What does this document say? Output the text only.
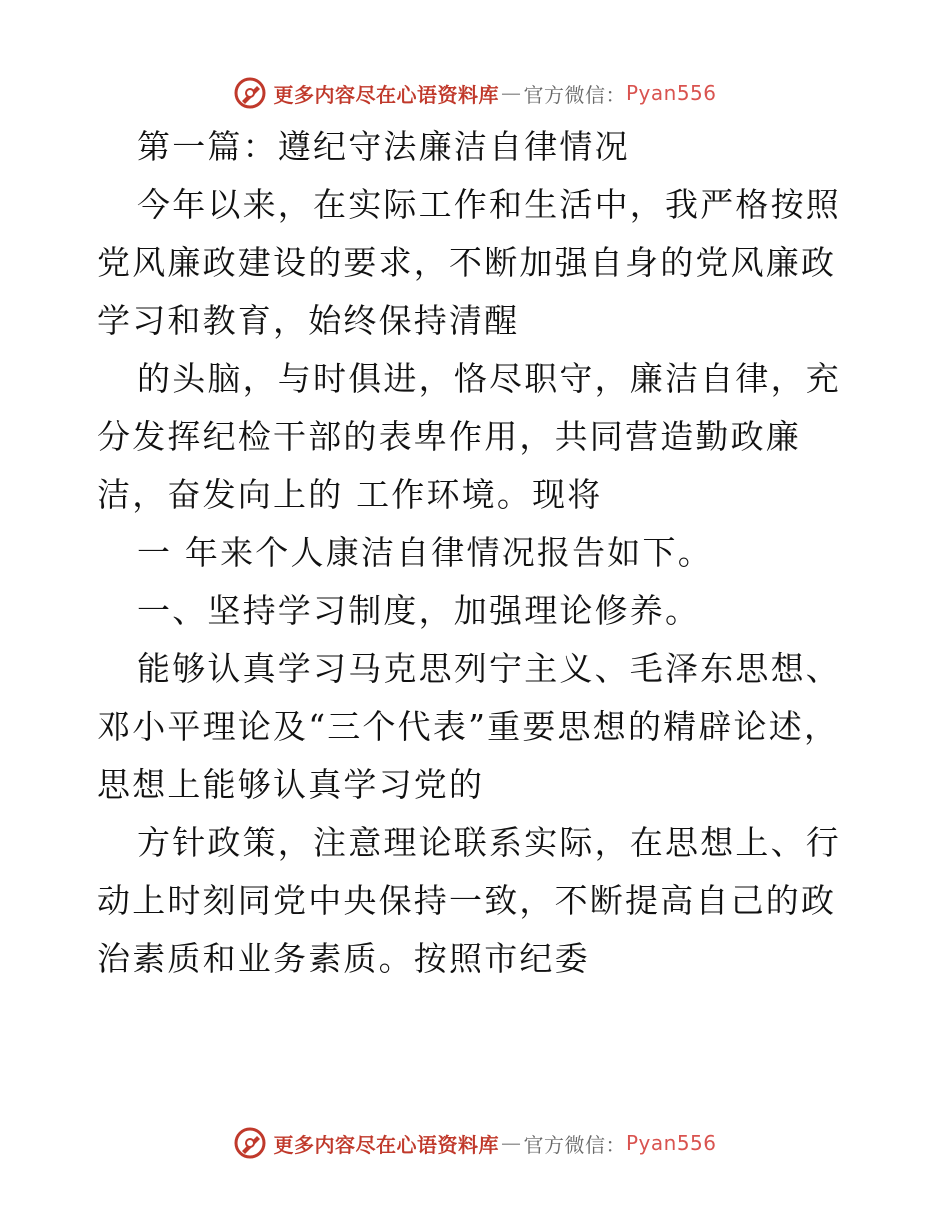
更多内容尽在心语资料库 — 官方微信： Pyan556

第一篇：遵纪守法廉洁自律情况

今年以来，在实际工作和生活中，我严格按照党风廉政建设的要求，不断加强自身的党风廉政学习和教育，始终保持清醒

的头脑，与时俱进，恪尽职守，廉洁自律，充分发挥纪检干部的表卑作用，共同营造勤政廉洁，奋发向上的 工作环境。现将

一 年来个人康洁自律情况报告如下。

一、坚持学习制度，加强理论修养。

能够认真学习马克思列宁主义、毛泽东思想、邓小平理论及“三个代表”重要思想的精辟论述，思想上能够认真学习党的

方针政策，注意理论联系实际，在思想上、行动上时刻同党中央保持一致，不断提高自己的政治素质和业务素质。按照市纪委

更多内容尽在心语资料库 — 官方微信： Pyan556
